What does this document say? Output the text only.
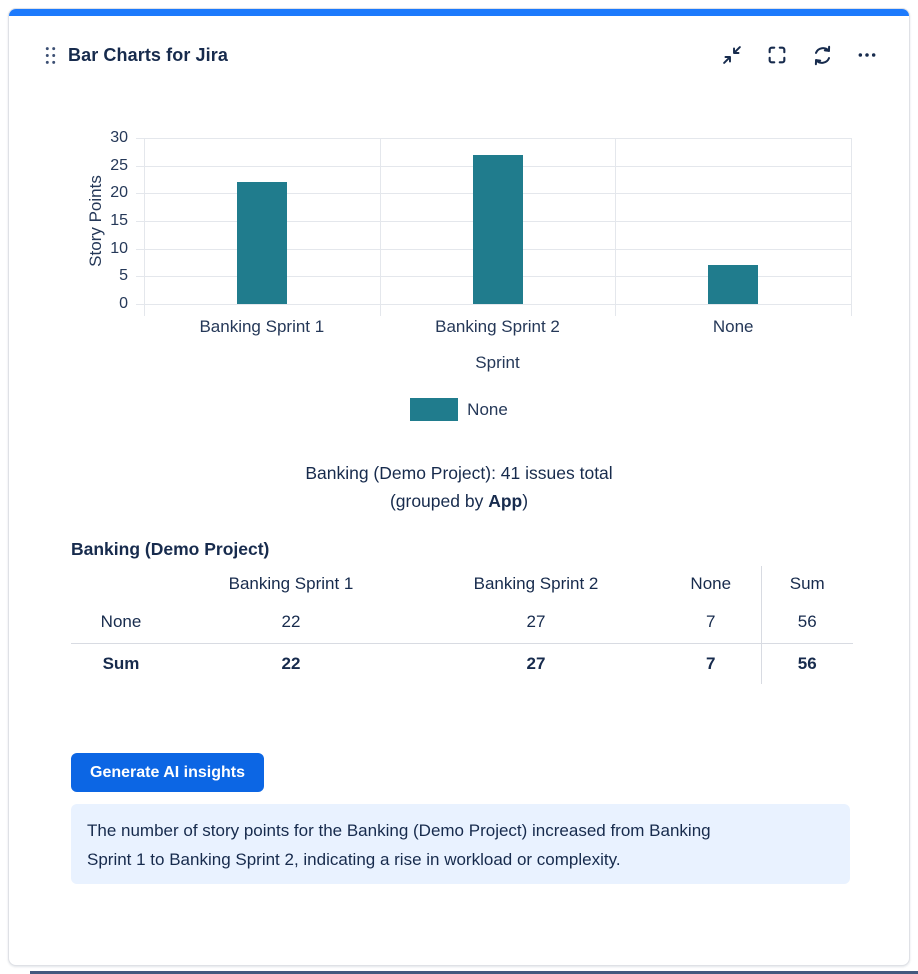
Bar Charts for Jira
Story Points
0
5
10
15
20
25
30
Banking Sprint 1	Banking Sprint 2	None
Sprint
None
Banking (Demo Project): 41 issues total
(grouped by App)
Banking (Demo Project)
	Banking Sprint 1	Banking Sprint 2	None	Sum
None	22	27	7	56
Sum	22	27	7	56
Generate AI insights

The number of story points for the Banking (Demo Project) increased from Banking Sprint 1 to Banking Sprint 2, indicating a rise in workload or complexity.
